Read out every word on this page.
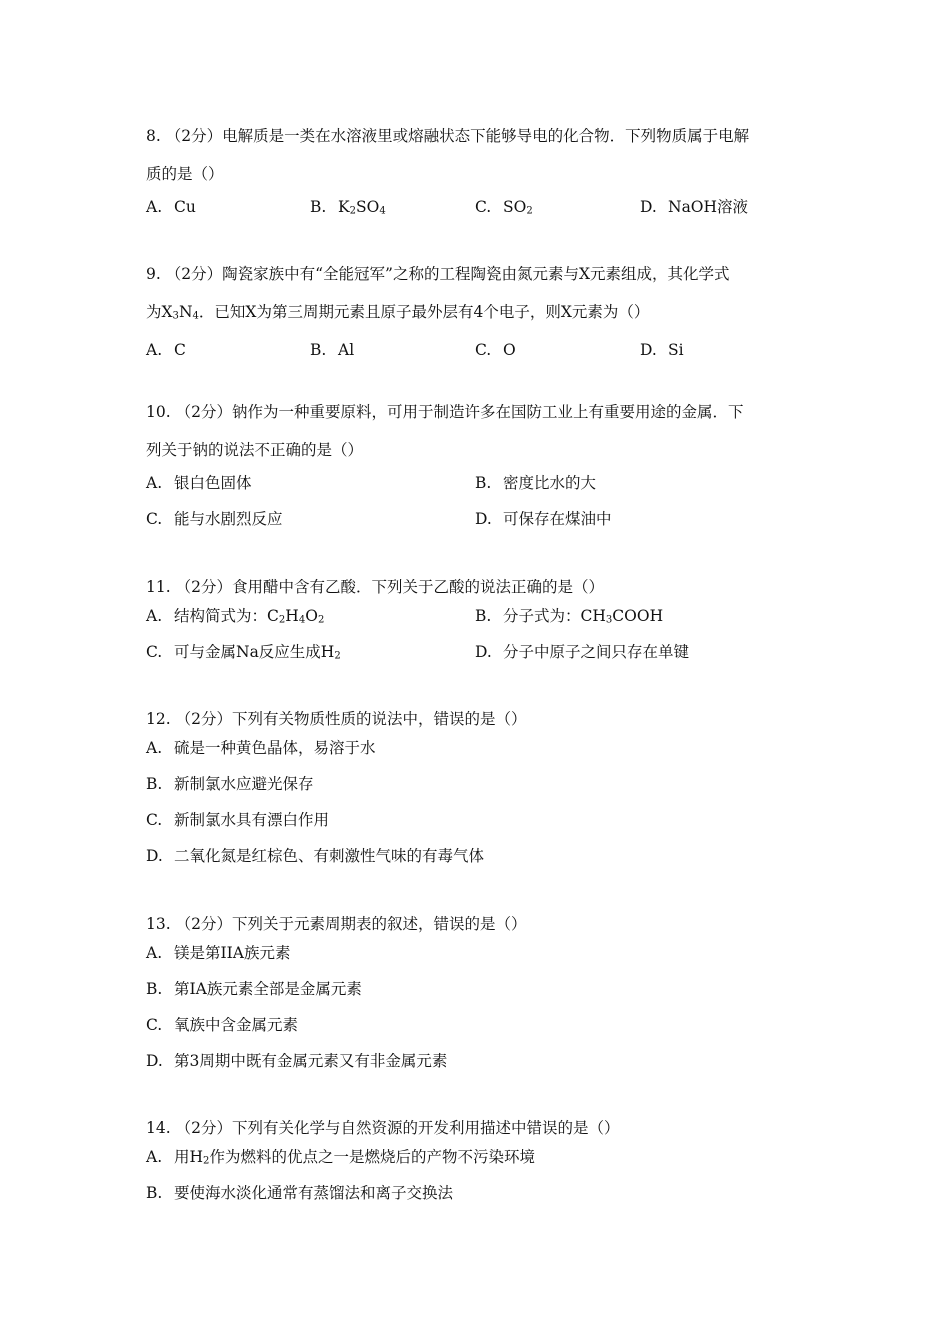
8. （2分）电解质是一类在水溶液里或熔融状态下能够导电的化合物．下列物质属于电解

质的是（）

A. Cu	B. $K_2SO_4$	C. $SO_2$	D. NaOH溶液

9. （2分）陶瓷家族中有“全能冠军”之称的工程陶瓷由氮元素与X元素组成，其化学式

为$X_3N_4$．已知X为第三周期元素且原子最外层有4个电子，则X元素为（）

A. C	B. Al	C. O	D. Si

10. （2分）钠作为一种重要原料，可用于制造许多在国防工业上有重要用途的金属．下

列关于钠的说法不正确的是（）

A. 银白色固体	B. 密度比水的大
C. 能与水剧烈反应	D. 可保存在煤油中

11. （2分）食用醋中含有乙酸．下列关于乙酸的说法正确的是（）

A. 结构简式为：$C_2H_4O_2$	B. 分子式为：$CH_3COOH$
C. 可与金属Na反应生成$H_2$	D. 分子中原子之间只存在单键

12. （2分）下列有关物质性质的说法中，错误的是（）

A. 硫是一种黄色晶体，易溶于水
B. 新制氯水应避光保存
C. 新制氯水具有漂白作用
D. 二氧化氮是红棕色、有刺激性气味的有毒气体

13. （2分）下列关于元素周期表的叙述，错误的是（）

A. 镁是第IIA族元素
B. 第IA族元素全部是金属元素
C. 氧族中含金属元素
D. 第3周期中既有金属元素又有非金属元素

14. （2分）下列有关化学与自然资源的开发利用描述中错误的是（）

A. 用$H_2$作为燃料的优点之一是燃烧后的产物不污染环境
B. 要使海水淡化通常有蒸馏法和离子交换法
